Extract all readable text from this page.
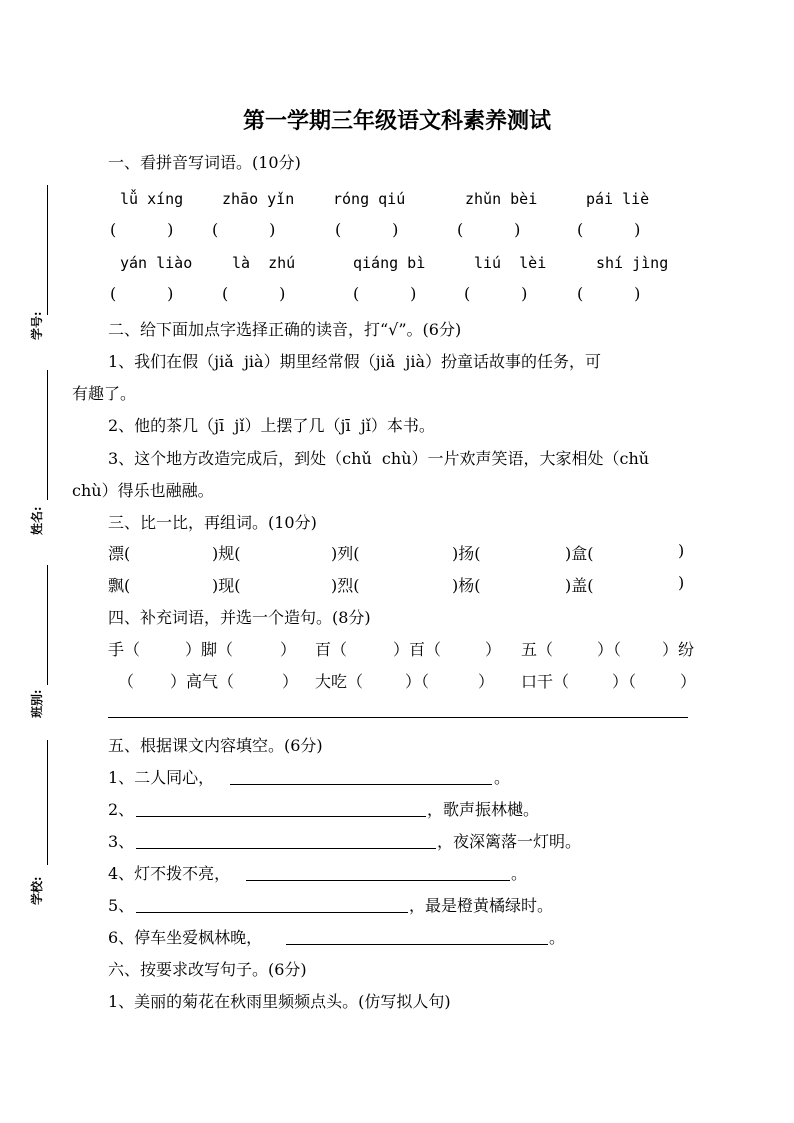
学号:
姓名:
班别:
学校:
第一学期三年级语文科素养测试
一、看拼音写词语。(10分)
lǚ xíng	zhāo yǐn	róng qiú	zhǔn bèi	pái liè
(          ) (          )	(          )	(          )	(          )
yán liào	là  zhú	qiáng bì	liú  lèi	shí jìng
(          )	(          )	(          )	(          )	(          )
二、给下面加点字选择正确的读音，打“√”。(6分)
1、我们在假（jiǎ  jià）期里经常假（jiǎ  jià）扮童话故事的任务，可
有趣了。
2、他的茶几（jī  jǐ）上摆了几（jī  jǐ）本书。
3、这个地方改造完成后，到处（chǔ  chù）一片欢声笑语，大家相处（chǔ
chù）得乐也融融。
三、比一比，再组词。(10分)
漂(	)规(	)列(	)扬(	)盒(	)
飘(	)现(	)烈(	)杨(	)盖(	)
四、补充词语，并选一个造句。(8分)
手（	）脚（	） 百（	）百（	） 五（	）（	）纷
（ ）高气（	） 大吃（	）（	） 口干（	）（	）
五、根据课文内容填空。(6分)
1、二人同心，	。
2、	，歌声振林樾。
3、	，夜深篱落一灯明。
4、灯不拨不亮，	。
5、	，最是橙黄橘绿时。
6、停车坐爱枫林晚，	。
六、按要求改写句子。(6分)
1、美丽的菊花在秋雨里频频点头。(仿写拟人句)
